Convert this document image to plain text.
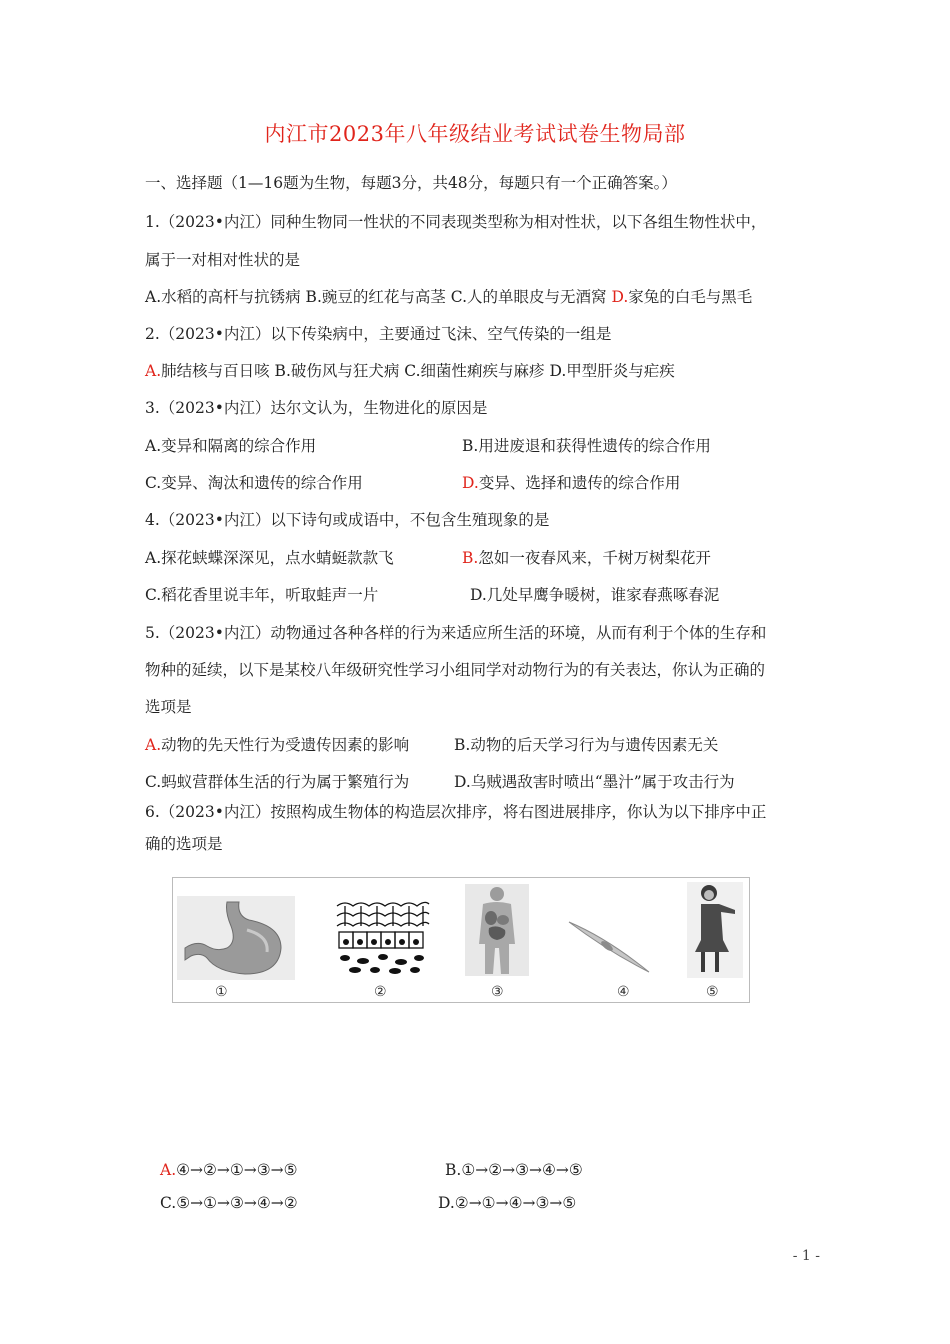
内江市2023年八年级结业考试试卷生物局部
一、选择题（1—16题为生物，每题3分，共48分，每题只有一个正确答案。）
1.（2023•内江）同种生物同一性状的不同表现类型称为相对性状，以下各组生物性状中，
属于一对相对性状的是
A.水稻的高杆与抗锈病 B.豌豆的红花与高茎 C.人的单眼皮与无酒窝 D.家兔的白毛与黑毛
2.（2023•内江）以下传染病中，主要通过飞沫、空气传染的一组是
A.肺结核与百日咳 B.破伤风与狂犬病 C.细菌性痢疾与麻疹 D.甲型肝炎与疟疾
3.（2023•内江）达尔文认为，生物进化的原因是
A.变异和隔离的综合作用	B.用进废退和获得性遗传的综合作用
C.变异、淘汰和遗传的综合作用	D.变异、选择和遗传的综合作用
4.（2023•内江）以下诗句或成语中，不包含生殖现象的是
A.探花蛱蝶深深见，点水蜻蜓款款飞	B.忽如一夜春风来，千树万树梨花开
C.稻花香里说丰年，听取蛙声一片	D.几处早鹰争暖树，谁家春燕啄春泥
5.（2023•内江）动物通过各种各样的行为来适应所生活的环境，从而有利于个体的生存和
物种的延续，以下是某校八年级研究性学习小组同学对动物行为的有关表达，你认为正确的
选项是
A.动物的先天性行为受遗传因素的影响	B.动物的后天学习行为与遗传因素无关
C.蚂蚁营群体生活的行为属于繁殖行为	D.乌贼遇敌害时喷出“墨汁”属于攻击行为
6.（2023•内江）按照构成生物体的构造层次排序，将右图进展排序，你认为以下排序中正
确的选项是
①	②	③	④	⑤
A.④→②→①→③→⑤	B.①→②→③→④→⑤
C.⑤→①→③→④→②	D.②→①→④→③→⑤
- 1 -
